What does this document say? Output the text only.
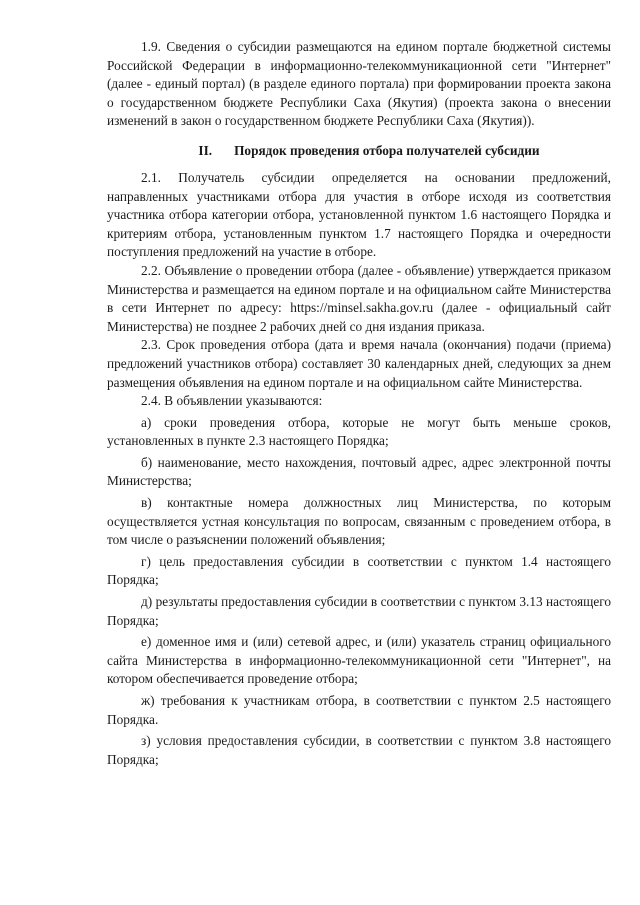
1.9. Сведения о субсидии размещаются на едином портале бюджетной системы Российской Федерации в информационно-телекоммуникационной сети "Интернет" (далее - единый портал) (в разделе единого портала) при формировании проекта закона о государственном бюджете Республики Саха (Якутия) (проекта закона о внесении изменений в закон о государственном бюджете Республики Саха (Якутия)).

II. Порядок проведения отбора получателей субсидии

2.1. Получатель субсидии определяется на основании предложений, направленных участниками отбора для участия в отборе исходя из соответствия участника отбора категории отбора, установленной пунктом 1.6 настоящего Порядка и критериям отбора, установленным пунктом 1.7 настоящего Порядка и очередности поступления предложений на участие в отборе.

2.2. Объявление о проведении отбора (далее - объявление) утверждается приказом Министерства и размещается на едином портале и на официальном сайте Министерства в сети Интернет по адресу: https://minsel.sakha.gov.ru (далее - официальный сайт Министерства) не позднее 2 рабочих дней со дня издания приказа.

2.3. Срок проведения отбора (дата и время начала (окончания) подачи (приема) предложений участников отбора) составляет 30 календарных дней, следующих за днем размещения объявления на едином портале и на официальном сайте Министерства.

2.4. В объявлении указываются:

а) сроки проведения отбора, которые не могут быть меньше сроков, установленных в пункте 2.3 настоящего Порядка;

б) наименование, место нахождения, почтовый адрес, адрес электронной почты Министерства;

в) контактные номера должностных лиц Министерства, по которым осуществляется устная консультация по вопросам, связанным с проведением отбора, в том числе о разъяснении положений объявления;

г) цель предоставления субсидии в соответствии с пунктом 1.4 настоящего Порядка;

д) результаты предоставления субсидии в соответствии с пунктом 3.13 настоящего Порядка;

е) доменное имя и (или) сетевой адрес, и (или) указатель страниц официального сайта Министерства в информационно-телекоммуникационной сети "Интернет", на котором обеспечивается проведение отбора;

ж) требования к участникам отбора, в соответствии с пунктом 2.5 настоящего Порядка.

з) условия предоставления субсидии, в соответствии с пунктом 3.8 настоящего Порядка;
